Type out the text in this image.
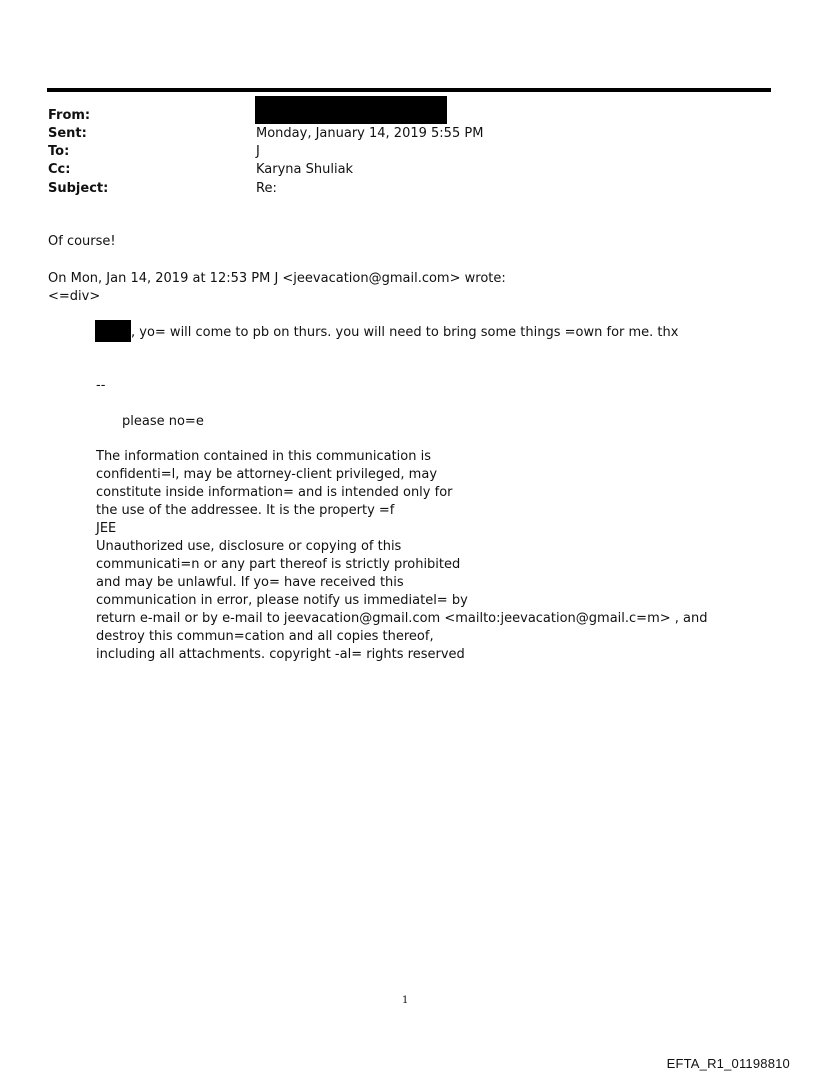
From:
Sent:	Monday, January 14, 2019 5:55 PM
To:	J
Cc:	Karyna Shuliak
Subject:	Re:
Of course!
On Mon, Jan 14, 2019 at 12:53 PM J <jeevacation@gmail.com> wrote:
<=div>
, yo= will come to pb on thurs. you will need to bring some things =own for me. thx
--
please no=e
The information contained in this communication is
confidenti=l, may be attorney-client privileged, may
constitute inside information= and is intended only for
the use of the addressee. It is the property =f
JEE
Unauthorized use, disclosure or copying of this
communicati=n or any part thereof is strictly prohibited
and may be unlawful. If yo= have received this
communication in error, please notify us immediatel= by
return e-mail or by e-mail to jeevacation@gmail.com <mailto:jeevacation@gmail.c=m> , and
destroy this commun=cation and all copies thereof,
including all attachments. copyright -al= rights reserved
1
EFTA_R1_01198810
